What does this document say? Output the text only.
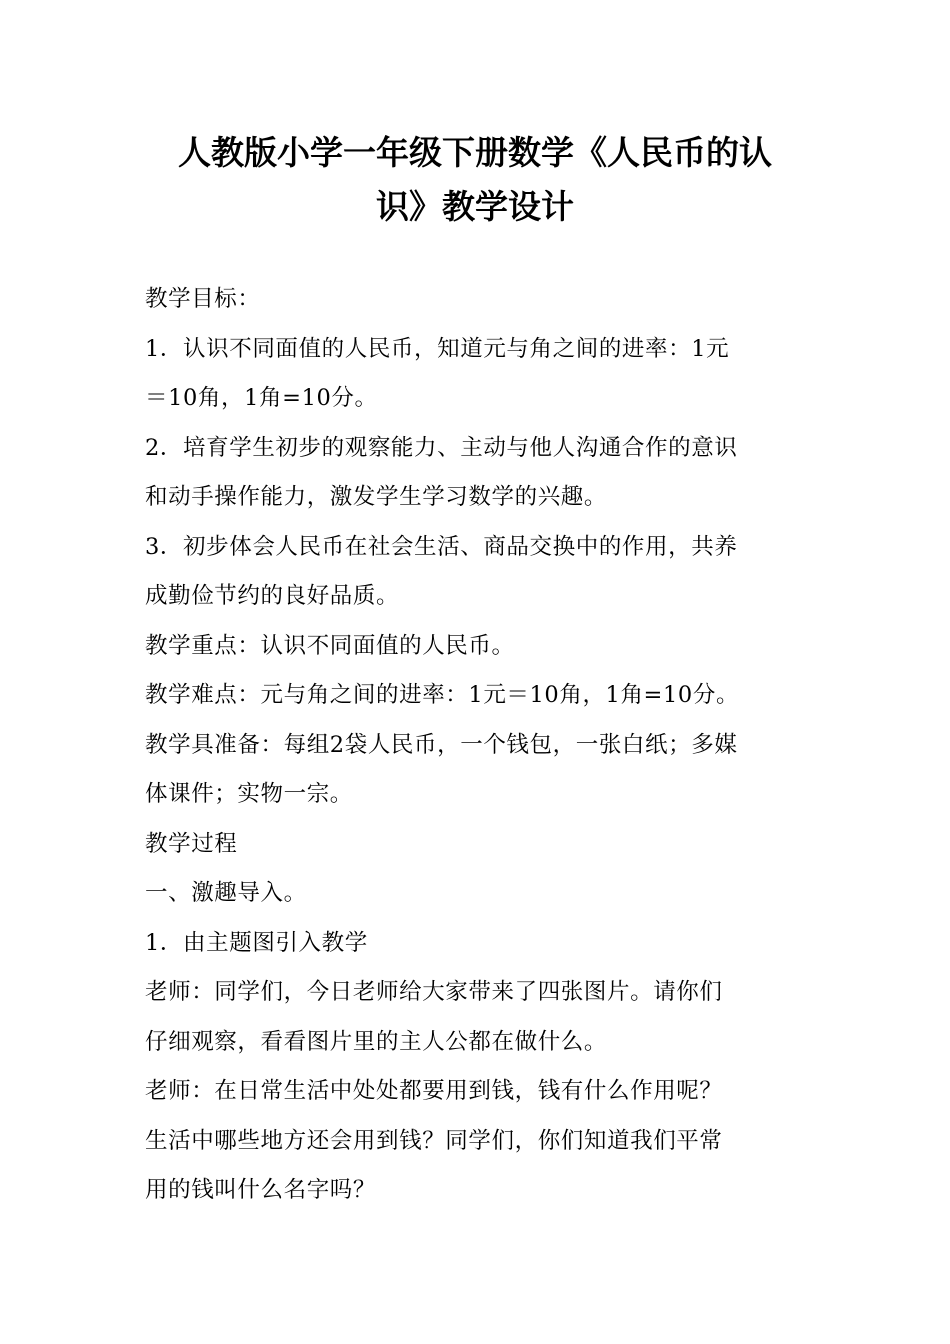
人教版小学一年级下册数学《人民币的认
识》教学设计

教学目标：

1．认识不同面值的人民币，知道元与角之间的进率：1元
＝10角，1角=10分。

2．培育学生初步的观察能力、主动与他人沟通合作的意识
和动手操作能力，激发学生学习数学的兴趣。

3．初步体会人民币在社会生活、商品交换中的作用，共养
成勤俭节约的良好品质。

教学重点：认识不同面值的人民币。

教学难点：元与角之间的进率：1元＝10角，1角=10分。

教学具准备：每组2袋人民币，一个钱包，一张白纸；多媒
体课件；实物一宗。

教学过程

一、激趣导入。

1．由主题图引入教学

老师：同学们，今日老师给大家带来了四张图片。请你们
仔细观察，看看图片里的主人公都在做什么。

老师：在日常生活中处处都要用到钱，钱有什么作用呢？
生活中哪些地方还会用到钱？同学们，你们知道我们平常
用的钱叫什么名字吗？
